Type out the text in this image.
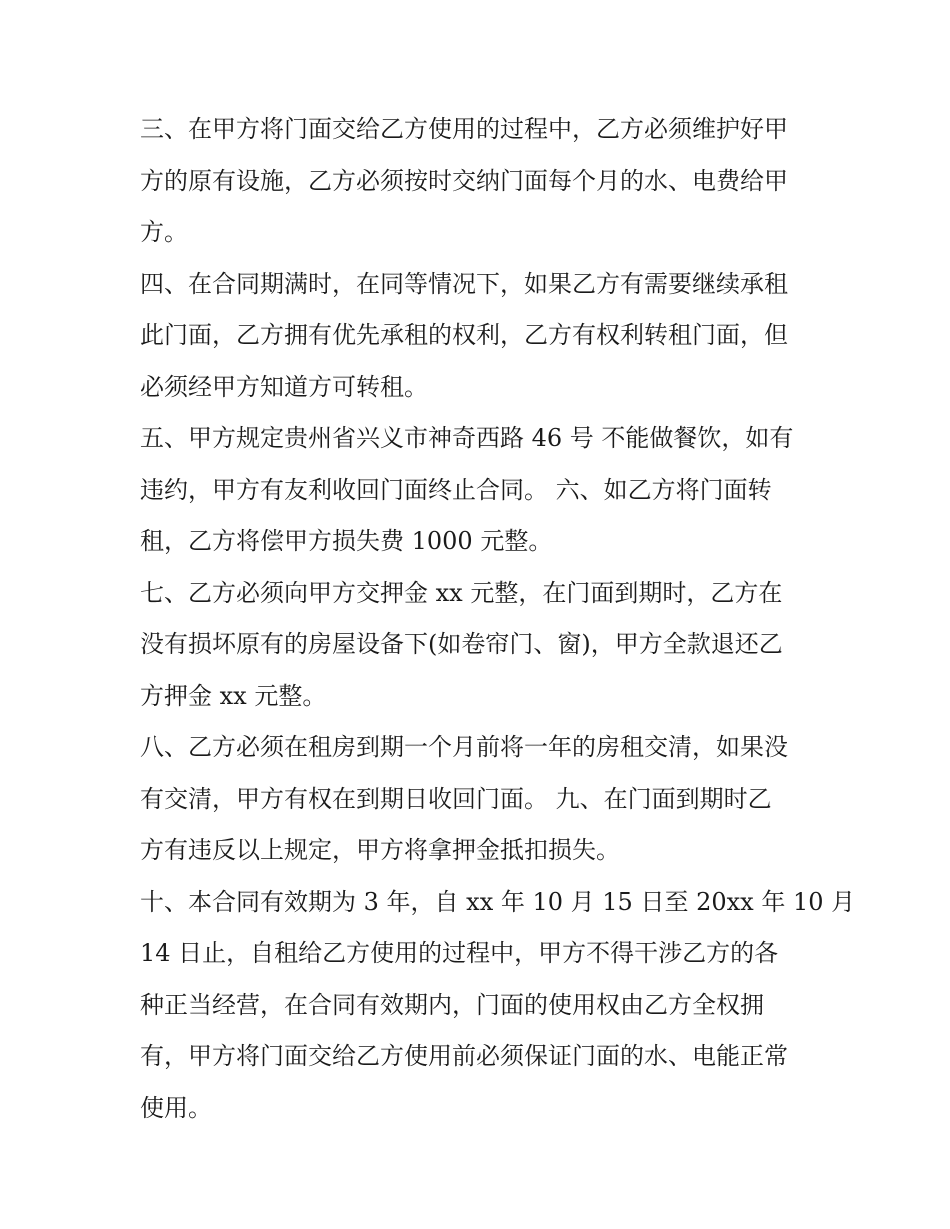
三、在甲方将门面交给乙方使用的过程中，乙方必须维护好甲
方的原有设施，乙方必须按时交纳门面每个月的水、电费给甲
方。
四、在合同期满时，在同等情况下，如果乙方有需要继续承租
此门面，乙方拥有优先承租的权利，乙方有权利转租门面，但
必须经甲方知道方可转租。
五、甲方规定贵州省兴义市神奇西路 46 号 不能做餐饮，如有
违约，甲方有友利收回门面终止合同。 六、如乙方将门面转
租，乙方将偿甲方损失费 1000 元整。
七、乙方必须向甲方交押金 xx 元整，在门面到期时，乙方在
没有损坏原有的房屋设备下(如卷帘门、窗)，甲方全款退还乙
方押金 xx 元整。
八、乙方必须在租房到期一个月前将一年的房租交清，如果没
有交清，甲方有权在到期日收回门面。 九、在门面到期时乙
方有违反以上规定，甲方将拿押金抵扣损失。
十、本合同有效期为 3 年，自 xx 年 10 月 15 日至 20xx 年 10 月
14 日止，自租给乙方使用的过程中，甲方不得干涉乙方的各
种正当经营，在合同有效期内，门面的使用权由乙方全权拥
有，甲方将门面交给乙方使用前必须保证门面的水、电能正常
使用。
